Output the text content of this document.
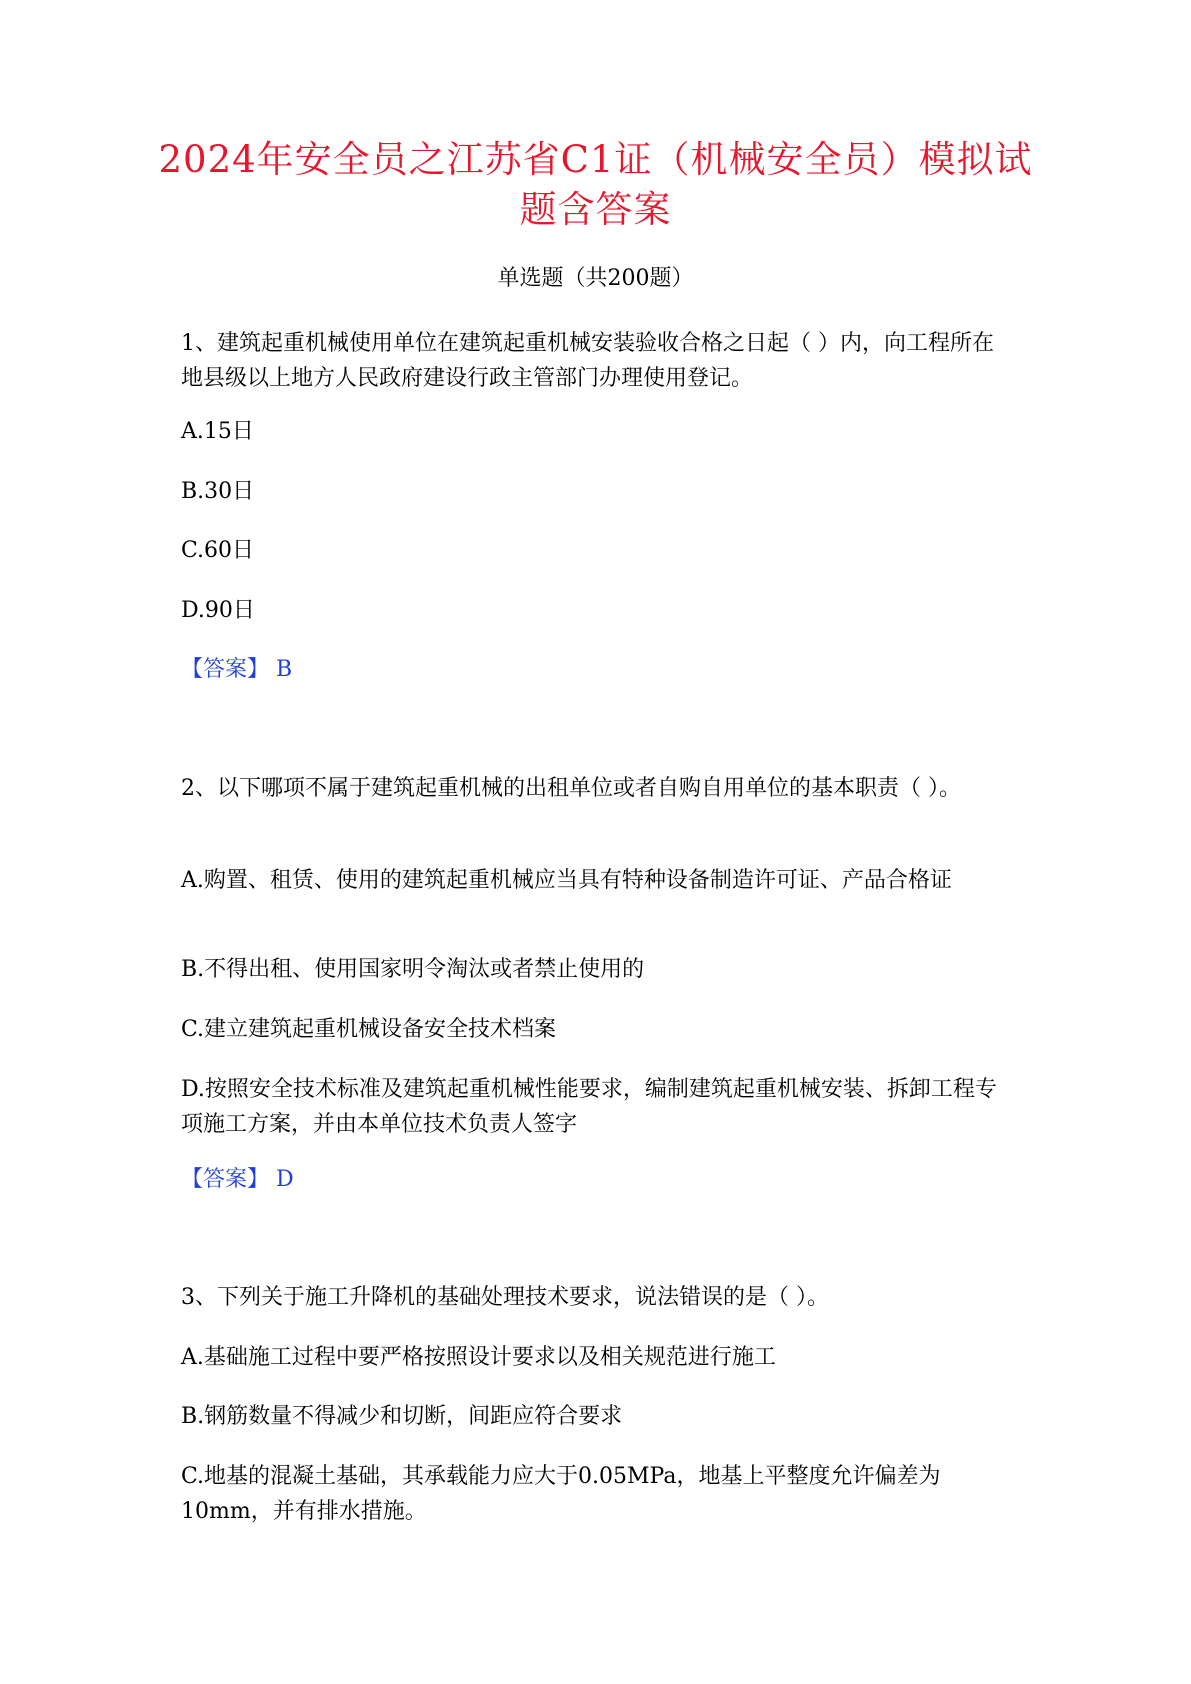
2024年安全员之江苏省C1证（机械安全员）模拟试题含答案
单选题（共200题）
1、建筑起重机械使用单位在建筑起重机械安装验收合格之日起（ ）内，向工程所在地县级以上地方人民政府建设行政主管部门办理使用登记。
A.15日
B.30日
C.60日
D.90日
【答案】 B
2、以下哪项不属于建筑起重机械的出租单位或者自购自用单位的基本职责（ ）。
A.购置、租赁、使用的建筑起重机械应当具有特种设备制造许可证、产品合格证
B.不得出租、使用国家明令淘汰或者禁止使用的
C.建立建筑起重机械设备安全技术档案
D.按照安全技术标准及建筑起重机械性能要求，编制建筑起重机械安装、拆卸工程专项施工方案，并由本单位技术负责人签字
【答案】 D
3、下列关于施工升降机的基础处理技术要求，说法错误的是（ ）。
A.基础施工过程中要严格按照设计要求以及相关规范进行施工
B.钢筋数量不得减少和切断，间距应符合要求
C.地基的混凝土基础，其承载能力应大于0.05MPa，地基上平整度允许偏差为10mm，并有排水措施。
